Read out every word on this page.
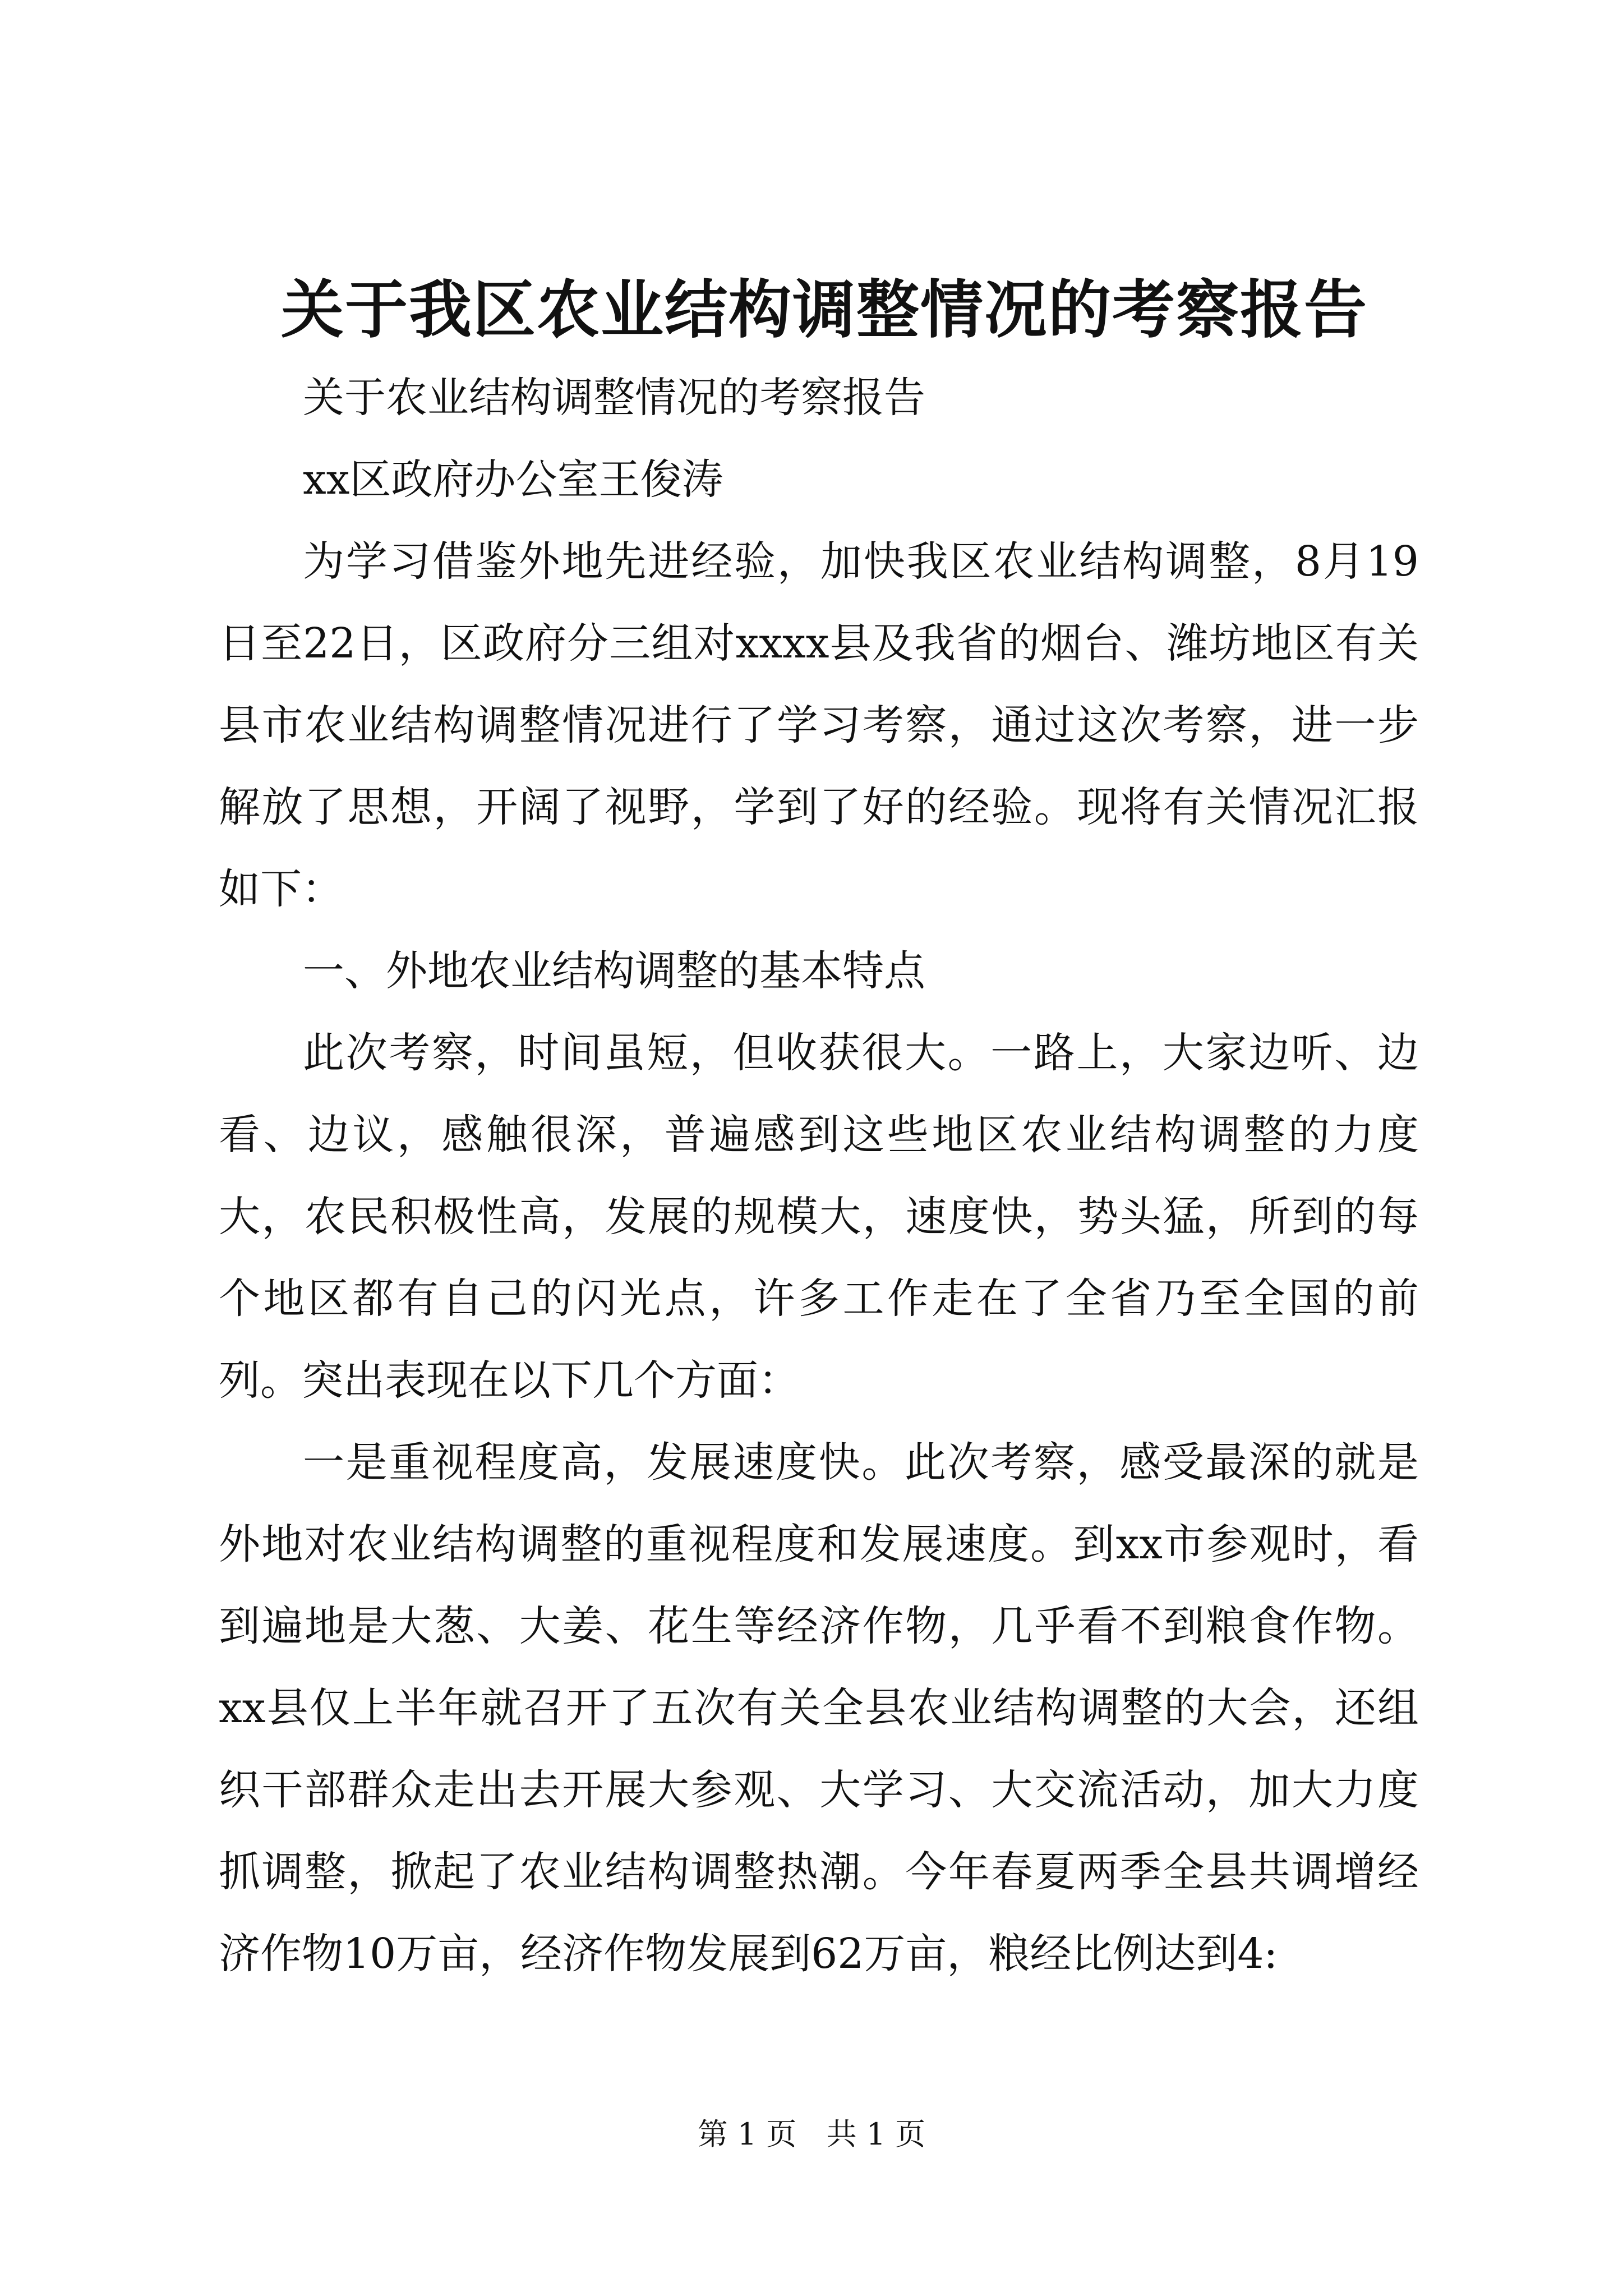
关于我区农业结构调整情况的考察报告

关于农业结构调整情况的考察报告

xx区政府办公室王俊涛

为学习借鉴外地先进经验，加快我区农业结构调整，8月19日至22日，区政府分三组对xxxx县及我省的烟台、潍坊地区有关县市农业结构调整情况进行了学习考察，通过这次考察，进一步解放了思想，开阔了视野，学到了好的经验。现将有关情况汇报如下：

一、外地农业结构调整的基本特点

此次考察，时间虽短，但收获很大。一路上，大家边听、边看、边议，感触很深，普遍感到这些地区农业结构调整的力度大，农民积极性高，发展的规模大，速度快，势头猛，所到的每个地区都有自己的闪光点，许多工作走在了全省乃至全国的前列。突出表现在以下几个方面：

一是重视程度高，发展速度快。此次考察，感受最深的就是外地对农业结构调整的重视程度和发展速度。到xx市参观时，看到遍地是大葱、大姜、花生等经济作物，几乎看不到粮食作物。xx县仅上半年就召开了五次有关全县农业结构调整的大会，还组织干部群众走出去开展大参观、大学习、大交流活动，加大力度抓调整，掀起了农业结构调整热潮。今年春夏两季全县共调增经济作物10万亩，经济作物发展到62万亩，粮经比例达到4:

第 1 页 共 1 页
